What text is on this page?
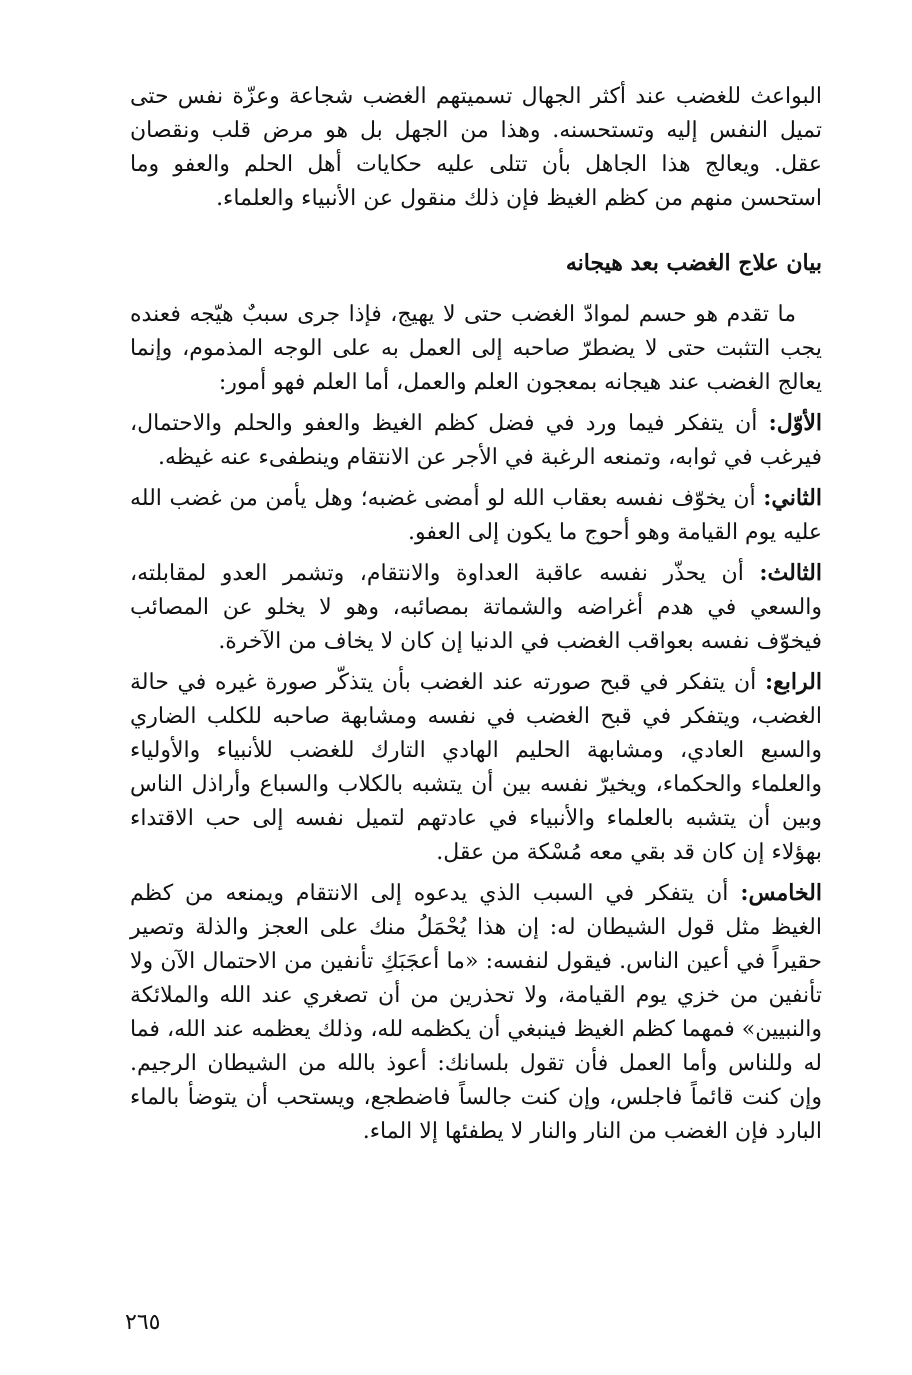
البواعث للغضب عند أكثر الجهال تسميتهم الغضب شجاعة وعزّة نفس حتى تميل النفس إليه وتستحسنه. وهذا من الجهل بل هو مرض قلب ونقصان عقل. ويعالج هذا الجاهل بأن تتلى عليه حكايات أهل الحلم والعفو وما استحسن منهم من كظم الغيظ فإن ذلك منقول عن الأنبياء والعلماء.

بيان علاج الغضب بعد هيجانه

ما تقدم هو حسم لموادّ الغضب حتى لا يهيج، فإذا جرى سببٌ هيّجه فعنده يجب التثبت حتى لا يضطرّ صاحبه إلى العمل به على الوجه المذموم، وإنما يعالج الغضب عند هيجانه بمعجون العلم والعمل، أما العلم فهو أمور:

الأوّل: أن يتفكر فيما ورد في فضل كظم الغيظ والعفو والحلم والاحتمال، فيرغب في ثوابه، وتمنعه الرغبة في الأجر عن الانتقام وينطفىء عنه غيظه.

الثاني: أن يخوّف نفسه بعقاب الله لو أمضى غضبه؛ وهل يأمن من غضب الله عليه يوم القيامة وهو أحوج ما يكون إلى العفو.

الثالث: أن يحذّر نفسه عاقبة العداوة والانتقام، وتشمر العدو لمقابلته، والسعي في هدم أغراضه والشماتة بمصائبه، وهو لا يخلو عن المصائب فيخوّف نفسه بعواقب الغضب في الدنيا إن كان لا يخاف من الآخرة.

الرابع: أن يتفكر في قبح صورته عند الغضب بأن يتذكّر صورة غيره في حالة الغضب، ويتفكر في قبح الغضب في نفسه ومشابهة صاحبه للكلب الضاري والسبع العادي، ومشابهة الحليم الهادي التارك للغضب للأنبياء والأولياء والعلماء والحكماء، ويخيرّ نفسه بين أن يتشبه بالكلاب والسباع وأراذل الناس وبين أن يتشبه بالعلماء والأنبياء في عادتهم لتميل نفسه إلى حب الاقتداء بهؤلاء إن كان قد بقي معه مُسْكة من عقل.

الخامس: أن يتفكر في السبب الذي يدعوه إلى الانتقام ويمنعه من كظم الغيظ مثل قول الشيطان له: إن هذا يُحْمَلُ منك على العجز والذلة وتصير حقيراً في أعين الناس. فيقول لنفسه: «ما أعجَبَكِ تأنفين من الاحتمال الآن ولا تأنفين من خزي يوم القيامة، ولا تحذرين من أن تصغري عند الله والملائكة والنبيين» فمهما كظم الغيظ فينبغي أن يكظمه لله، وذلك يعظمه عند الله، فما له وللناس وأما العمل فأن تقول بلسانك: أعوذ بالله من الشيطان الرجيم. وإن كنت قائماً فاجلس، وإن كنت جالساً فاضطجع، ويستحب أن يتوضأ بالماء البارد فإن الغضب من النار والنار لا يطفئها إلا الماء.

٢٦٥
